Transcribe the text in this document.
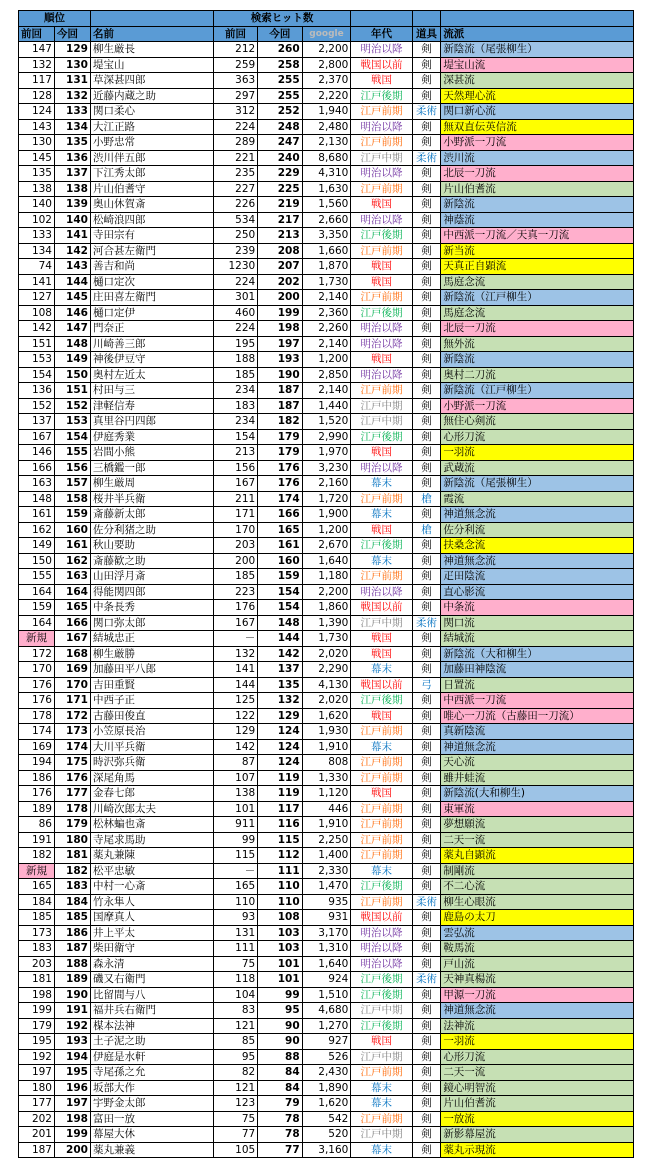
順位			検索ヒット数					
前回	今回	名前	前回	今回	google	年代	道具	流派
147	129	柳生厳長	212	260	2,200	明治以降	剣	新陰流（尾張柳生）
132	130	堤宝山	259	258	2,800	戦国以前	剣	堤宝山流
117	131	草深甚四郎	363	255	2,370	戦国	剣	深甚流
128	132	近藤内蔵之助	297	255	2,220	江戸後期	剣	天然理心流
124	133	関口柔心	312	252	1,940	江戸前期	柔術	関口新心流
143	134	大江正路	224	248	2,480	明治以降	剣	無双直伝英信流
130	135	小野忠常	289	247	2,130	江戸前期	剣	小野派一刀流
145	136	渋川伴五郎	221	240	8,680	江戸中期	柔術	渋川流
135	137	下江秀太郎	235	229	4,310	明治以降	剣	北辰一刀流
138	138	片山伯耆守	227	225	1,630	江戸前期	剣	片山伯耆流
140	139	奥山休賀斎	226	219	1,560	戦国	剣	新陰流
102	140	松崎浪四郎	534	217	2,660	明治以降	剣	神蔭流
133	141	寺田宗有	250	213	3,350	江戸後期	剣	中西派一刀流／天真一刀流
134	142	河合甚左衛門	239	208	1,660	江戸前期	剣	新当流
74	143	善吉和尚	1230	207	1,870	戦国	剣	天真正自顕流
141	144	樋口定次	224	202	1,730	戦国	剣	馬庭念流
127	145	庄田喜左衛門	301	200	2,140	江戸前期	剣	新陰流（江戸柳生）
108	146	樋口定伊	460	199	2,360	江戸後期	剣	馬庭念流
142	147	門奈正	224	198	2,260	明治以降	剣	北辰一刀流
151	148	川崎善三郎	195	197	2,140	明治以降	剣	無外流
153	149	神後伊豆守	188	193	1,200	戦国	剣	新陰流
154	150	奥村左近太	185	190	2,850	明治以降	剣	奥村二刀流
136	151	村田与三	234	187	2,140	江戸前期	剣	新陰流（江戸柳生）
152	152	津軽信寿	183	187	1,440	江戸中期	剣	小野派一刀流
137	153	真里谷円四郎	234	182	1,520	江戸中期	剣	無住心剣流
167	154	伊庭秀業	154	179	2,990	江戸後期	剣	心形刀流
146	155	岩間小熊	213	179	1,970	戦国	剣	一羽流
166	156	三橋鑑一郎	156	176	3,230	明治以降	剣	武蔵流
163	157	柳生厳周	167	176	2,160	幕末	剣	新陰流（尾張柳生）
148	158	桜井半兵衛	211	174	1,720	江戸前期	槍	霞流
161	159	斎藤新太郎	171	166	1,900	幕末	剣	神道無念流
162	160	佐分利猪之助	170	165	1,200	戦国	槍	佐分利流
149	161	秋山要助	203	161	2,670	江戸後期	剣	扶桑念流
150	162	斎藤歓之助	200	160	1,640	幕末	剣	神道無念流
155	163	山田浮月斎	185	159	1,180	江戸前期	剣	疋田陰流
164	164	得能関四郎	223	154	2,200	明治以降	剣	直心影流
159	165	中条長秀	176	154	1,860	戦国以前	剣	中条流
164	166	関口弥太郎	167	148	1,390	江戸中期	柔術	関口流
新規	167	結城忠正	－	144	1,730	戦国	剣	結城流
172	168	柳生厳勝	132	142	2,020	戦国	剣	新陰流（大和柳生）
170	169	加藤田平八郎	141	137	2,290	幕末	剣	加藤田神陰流
176	170	吉田重賢	144	135	4,130	戦国以前	弓	日置流
176	171	中西子正	125	132	2,020	江戸後期	剣	中西派一刀流
178	172	古藤田俊直	122	129	1,620	戦国	剣	唯心一刀流（古藤田一刀流）
174	173	小笠原長治	129	124	1,930	江戸前期	剣	真新陰流
169	174	大川平兵衛	142	124	1,910	幕末	剣	神道無念流
194	175	時沢弥兵衛	87	124	808	江戸前期	剣	天心流
186	176	深尾角馬	107	119	1,330	江戸前期	剣	雖井蛙流
176	177	金春七郎	138	119	1,120	戦国	剣	新陰流(大和柳生)
189	178	川崎次郎太夫	101	117	446	江戸前期	剣	東軍流
86	179	松林蝙也斎	911	116	1,910	江戸前期	剣	夢想願流
191	180	寺尾求馬助	99	115	2,250	江戸前期	剣	二天一流
182	181	薬丸兼陳	115	112	1,400	江戸前期	剣	薬丸自顕流
新規	182	松平忠敏	－	111	2,330	幕末	剣	制剛流
165	183	中村一心斎	165	110	1,470	江戸後期	剣	不二心流
184	184	竹永隼人	110	110	935	江戸前期	柔術	柳生心眼流
185	185	国摩真人	93	108	931	戦国以前	剣	鹿島の太刀
173	186	井上平太	131	103	3,170	明治以降	剣	雲弘流
183	187	柴田衛守	111	103	1,310	明治以降	剣	鞍馬流
203	188	森永清	75	101	1,640	明治以降	剣	戸山流
181	189	磯又右衛門	118	101	924	江戸後期	柔術	天神真楊流
198	190	比留間与八	104	99	1,510	江戸後期	剣	甲源一刀流
199	191	福井兵右衛門	83	95	4,680	江戸中期	剣	神道無念流
179	192	楳本法神	121	90	1,270	江戸後期	剣	法神流
195	193	土子泥之助	85	90	927	戦国	剣	一羽流
192	194	伊庭是水軒	95	88	526	江戸中期	剣	心形刀流
197	195	寺尾孫之允	82	84	2,430	江戸前期	剣	二天一流
180	196	坂部大作	121	84	1,890	幕末	剣	鏡心明智流
177	197	宇野金太郎	123	79	1,620	幕末	剣	片山伯耆流
202	198	富田一放	75	78	542	江戸前期	剣	一放流
201	199	幕屋大休	77	78	520	江戸中期	剣	新影幕屋流
187	200	薬丸兼義	105	77	3,160	幕末	剣	薬丸示現流
